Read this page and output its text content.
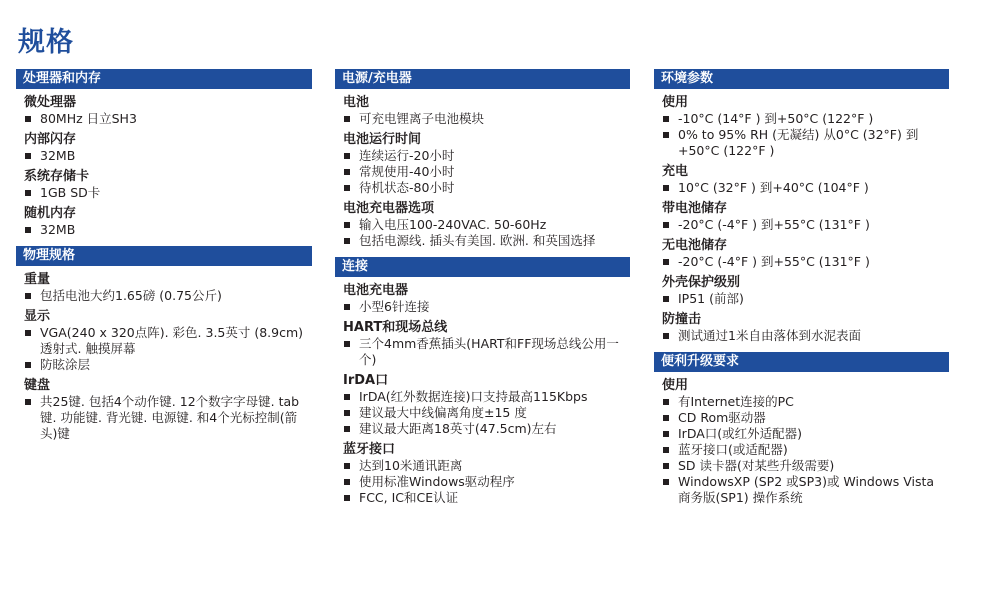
规格
处理器和内存
微处理器
80MHz 日立SH3
内部闪存
32MB
系统存储卡
1GB SD卡
随机内存
32MB
物理规格
重量
包括电池大约1.65磅 (0.75公斤)
显示
VGA(240 x 320点阵). 彩色. 3.5英寸 (8.9cm) 透射式. 触摸屏幕
防眩涂层
键盘
共25键. 包括4个动作键. 12个数字字母键. tab键. 功能键. 背光键. 电源键. 和4个光标控制(箭头)键
电源/充电器
电池
可充电锂离子电池模块
电池运行时间
连续运行-20小时
常规使用-40小时
待机状态-80小时
电池充电器选项
输入电压100-240VAC. 50-60Hz
包括电源线. 插头有美国. 欧洲. 和英国选择
连接
电池充电器
小型6针连接
HART和现场总线
三个4mm香蕉插头(HART和FF现场总线公用一个)
IrDA口
IrDA(红外数据连接)口支持最高115Kbps
建议最大中线偏离角度±15 度
建议最大距离18英寸(47.5cm)左右
蓝牙接口
达到10米通讯距离
使用标准Windows驱动程序
FCC, IC和CE认证
环境参数
使用
-10°C (14°F ) 到+50°C (122°F )
0% to 95% RH (无凝结) 从0°C (32°F) 到+50°C (122°F )
充电
10°C (32°F ) 到+40°C (104°F )
带电池储存
-20°C (-4°F ) 到+55°C (131°F )
无电池储存
-20°C (-4°F ) 到+55°C (131°F )
外壳保护级别
IP51 (前部)
防撞击
测试通过1米自由落体到水泥表面
便利升级要求
使用
有Internet连接的PC
CD Rom驱动器
IrDA口(或红外适配器)
蓝牙接口(或适配器)
SD 读卡器(对某些升级需要)
WindowsXP (SP2 或SP3)或 Windows Vista 商务版(SP1) 操作系统
